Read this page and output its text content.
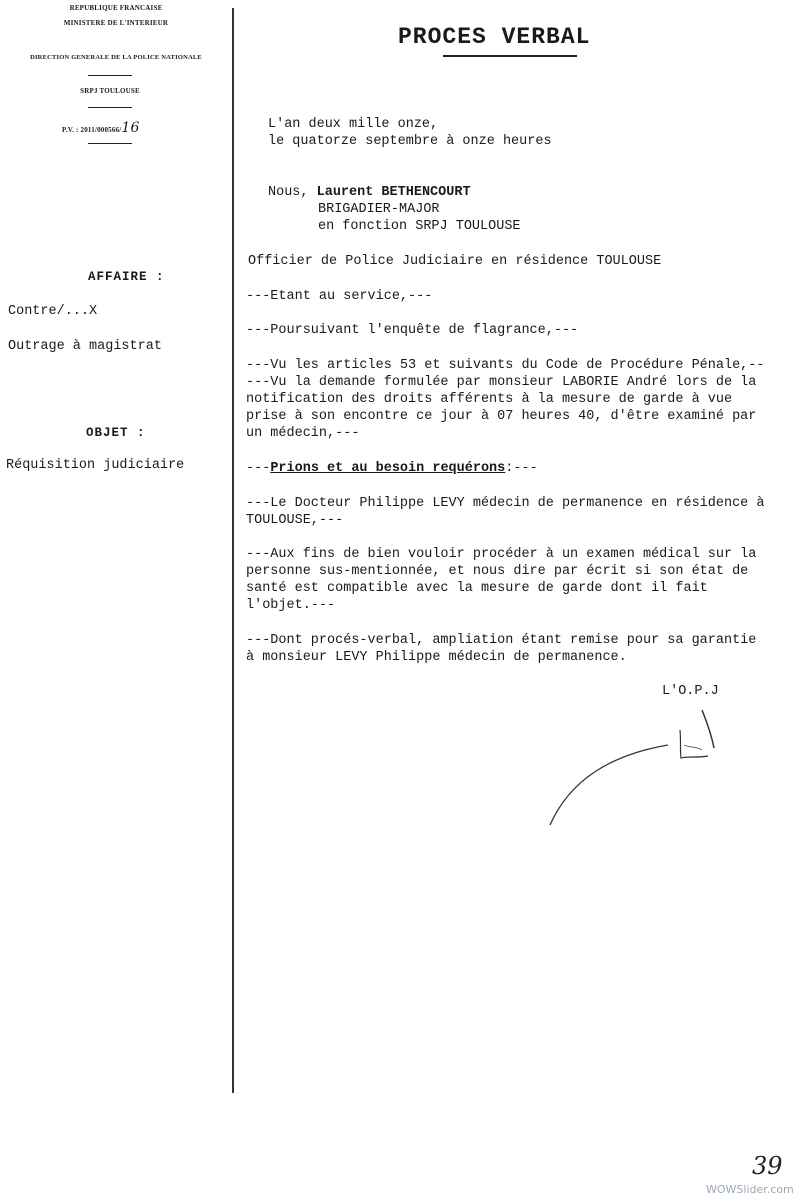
REPUBLIQUE FRANCAISE
MINISTERE DE L'INTERIEUR
DIRECTION GENERALE DE LA POLICE NATIONALE
SRPJ TOULOUSE
P.V. : 2011/000566/16
AFFAIRE :
Contre/...X
Outrage à magistrat
OBJET :
Réquisition judiciaire
PROCES VERBAL
L'an deux mille onze,
le quatorze septembre à onze heures
Nous, Laurent BETHENCOURT
BRIGADIER-MAJOR
en fonction SRPJ TOULOUSE
Officier de Police Judiciaire en résidence TOULOUSE
---Etant au service,---
---Poursuivant l'enquête de flagrance,---
---Vu les articles 53 et suivants du Code de Procédure Pénale,--
---Vu la demande formulée par monsieur LABORIE André lors de la
notification des droits afférents à la mesure de garde à vue
prise à son encontre ce jour à 07 heures 40, d'être examiné par
un médecin,---
---Prions et au besoin requérons:---
---Le Docteur Philippe LEVY médecin de permanence en résidence à
TOULOUSE,---
---Aux fins de bien vouloir procéder à un examen médical sur la
personne sus-mentionnée, et nous dire par écrit si son état de
santé est compatible avec la mesure de garde dont il fait
l'objet.---
---Dont procés-verbal, ampliation étant remise pour sa garantie
à monsieur LEVY Philippe médecin de permanence.
L'O.P.J
39
WOWSlider.com
